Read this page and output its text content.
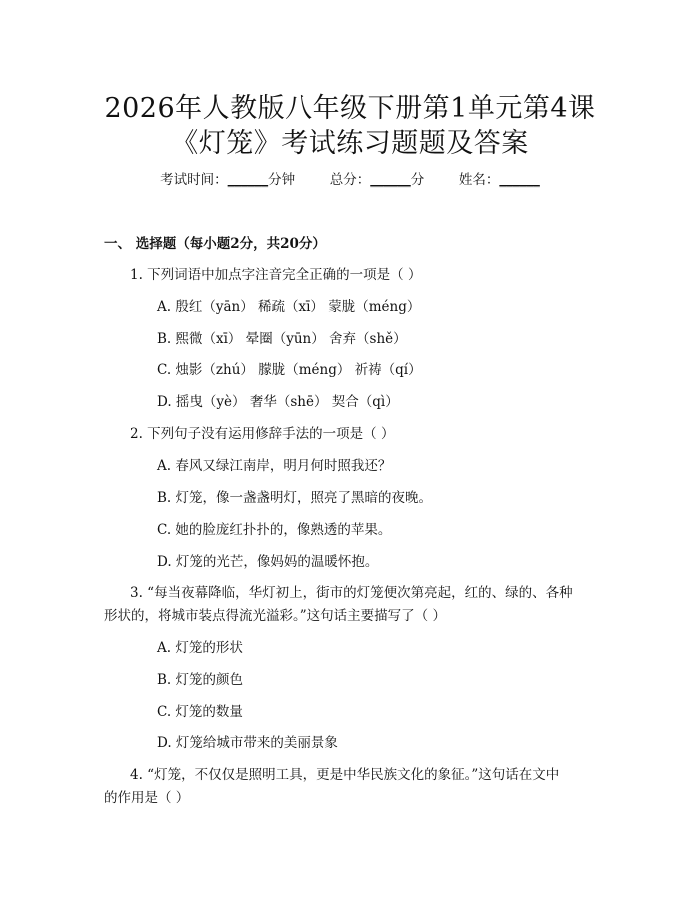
2026年人教版八年级下册第1单元第4课
《灯笼》考试练习题题及答案
考试时间：______分钟	总分：______分	姓名：______
一、 选择题（每小题2分，共20分）
1. 下列词语中加点字注音完全正确的一项是（ ）
A. 殷红（yān） 稀疏（xī） 蒙胧（méng）
B. 熙微（xī） 晕圈（yūn） 舍弃（shě）
C. 烛影（zhú） 朦胧（méng） 祈祷（qí）
D. 摇曳（yè） 奢华（shē） 契合（qì）
2. 下列句子没有运用修辞手法的一项是（ ）
A. 春风又绿江南岸，明月何时照我还？
B. 灯笼，像一盏盏明灯，照亮了黑暗的夜晚。
C. 她的脸庞红扑扑的，像熟透的苹果。
D. 灯笼的光芒，像妈妈的温暖怀抱。
3. “每当夜幕降临，华灯初上，街市的灯笼便次第亮起，红的、绿的、各种
形状的，将城市装点得流光溢彩。”这句话主要描写了（ ）
A. 灯笼的形状
B. 灯笼的颜色
C. 灯笼的数量
D. 灯笼给城市带来的美丽景象
4. “灯笼，不仅仅是照明工具，更是中华民族文化的象征。”这句话在文中
的作用是（ ）
